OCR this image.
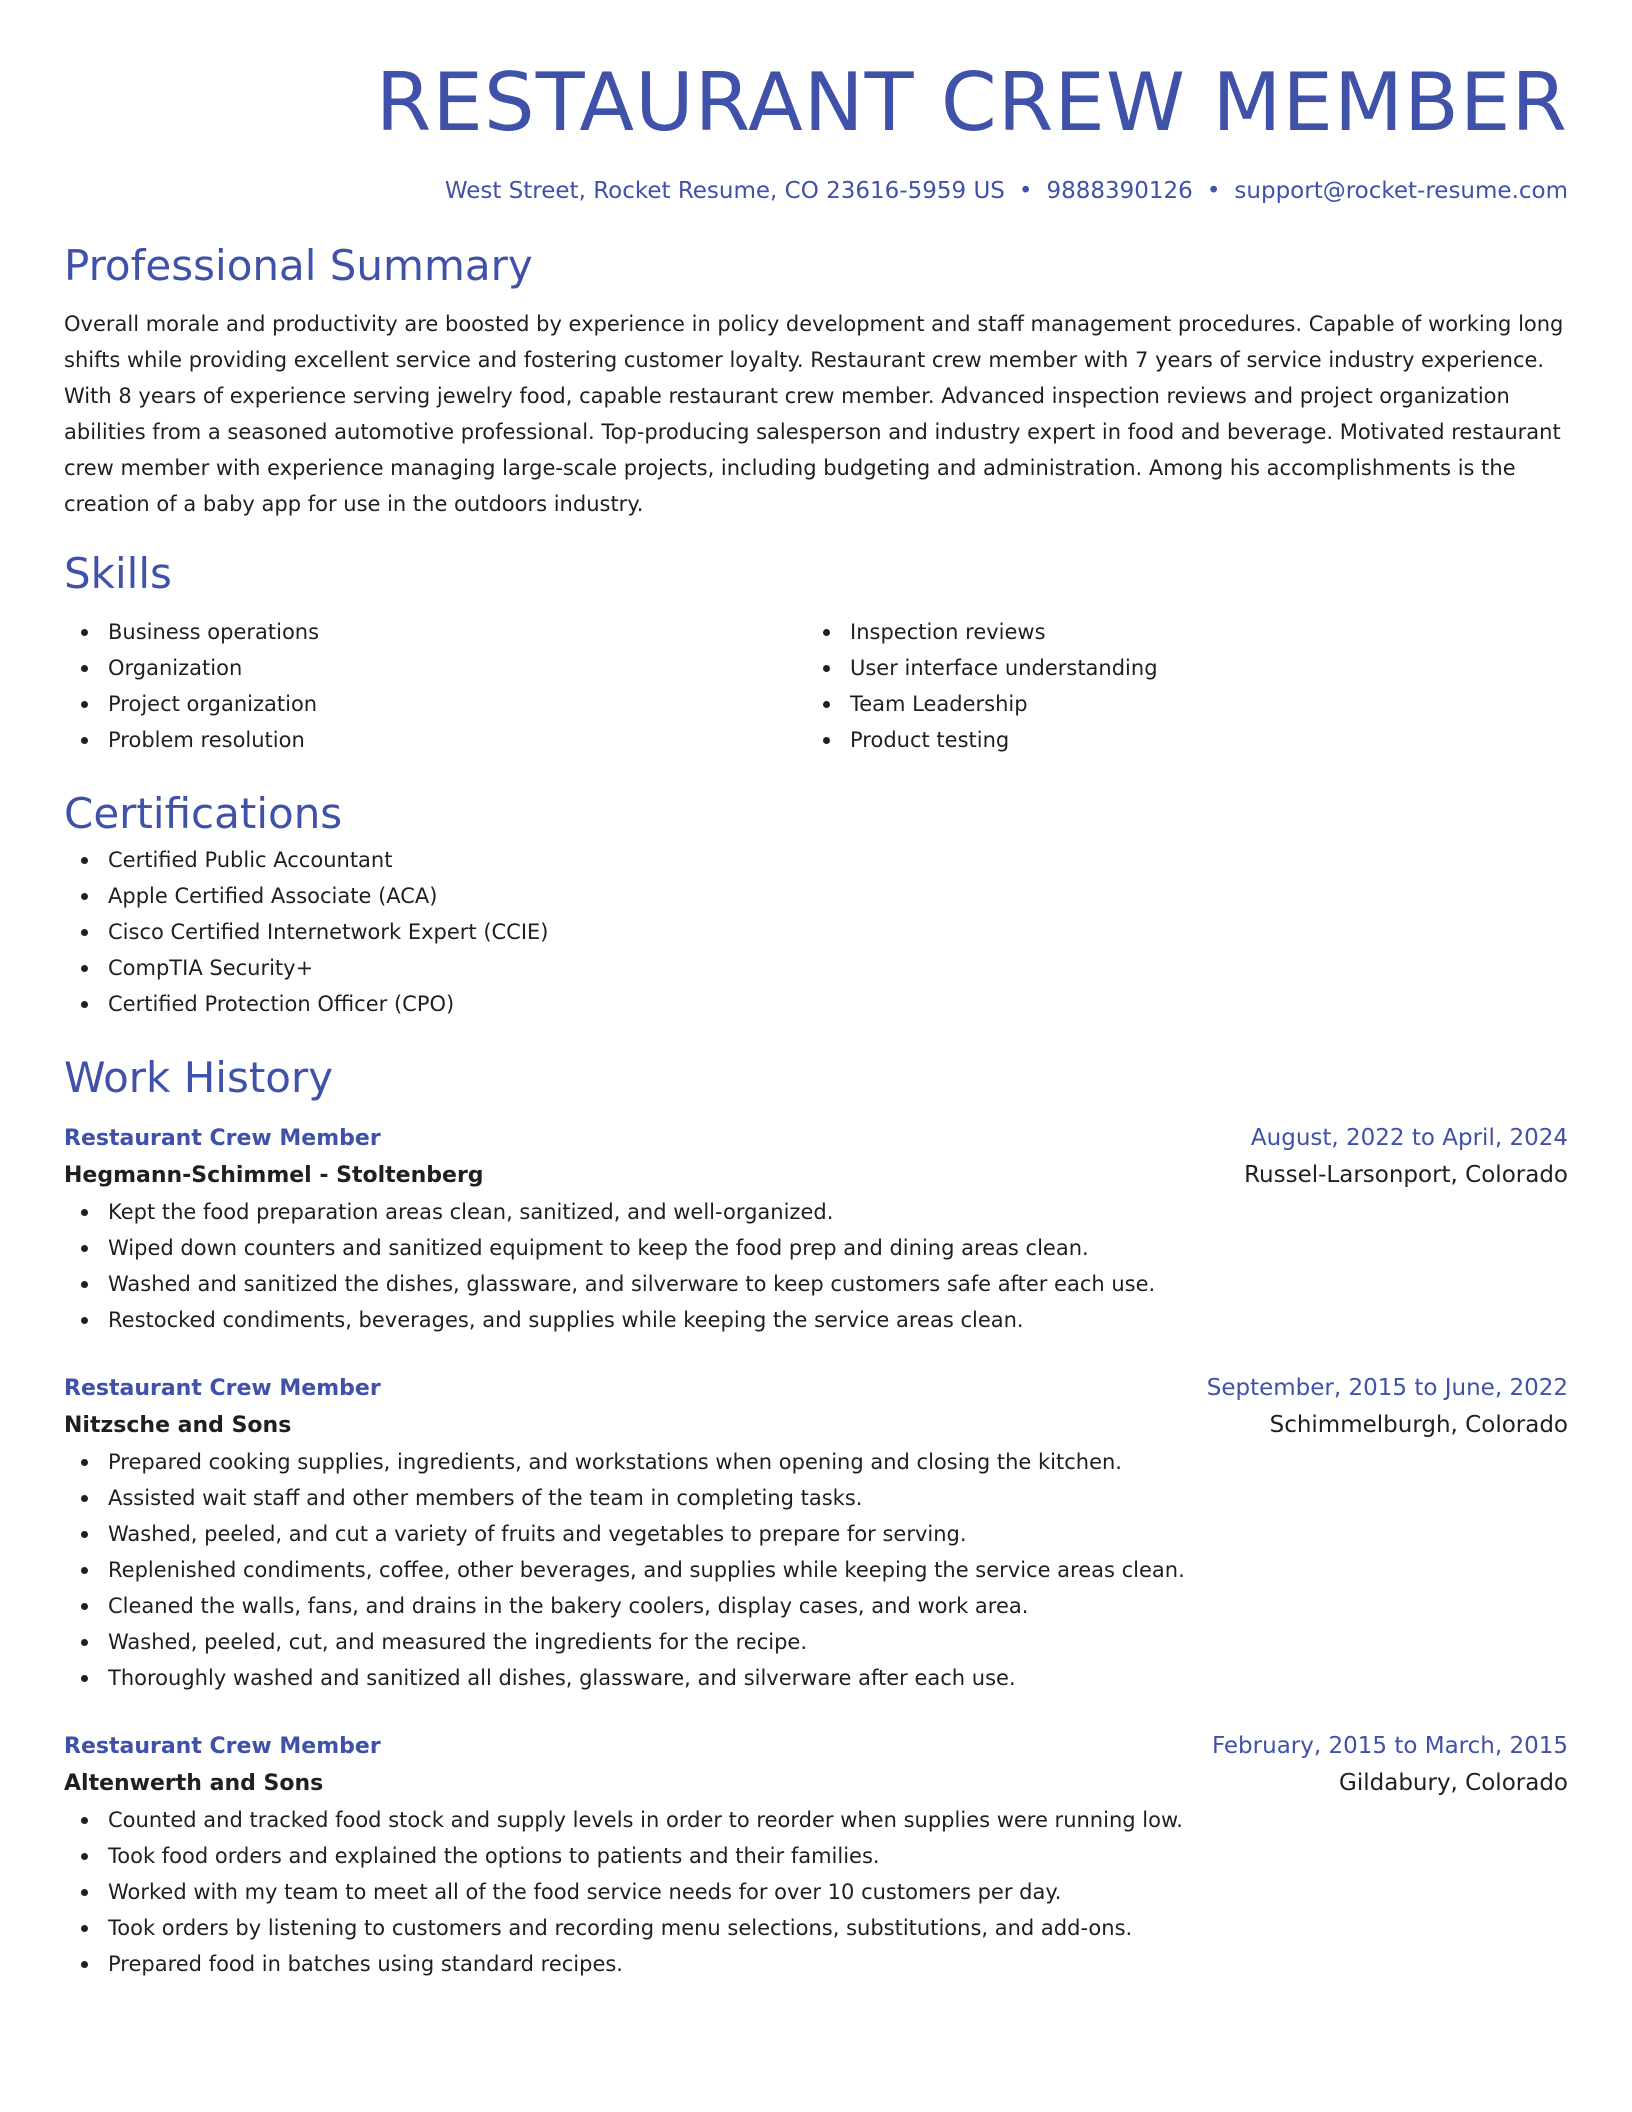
RESTAURANT CREW MEMBER
West Street, Rocket Resume, CO 23616-5959 US • 9888390126 • support@rocket-resume.com
Professional Summary
Overall morale and productivity are boosted by experience in policy development and staff management procedures. Capable of working long shifts while providing excellent service and fostering customer loyalty. Restaurant crew member with 7 years of service industry experience. With 8 years of experience serving jewelry food, capable restaurant crew member. Advanced inspection reviews and project organization abilities from a seasoned automotive professional. Top-producing salesperson and industry expert in food and beverage. Motivated restaurant crew member with experience managing large-scale projects, including budgeting and administration. Among his accomplishments is the creation of a baby app for use in the outdoors industry.
Skills
Business operations
Organization
Project organization
Problem resolution
Inspection reviews
User interface understanding
Team Leadership
Product testing
Certifications
Certified Public Accountant
Apple Certified Associate (ACA)
Cisco Certified Internetwork Expert (CCIE)
CompTIA Security+
Certified Protection Officer (CPO)
Work History
Restaurant Crew Member	August, 2022 to April, 2024
Hegmann-Schimmel - Stoltenberg	Russel-Larsonport, Colorado
Kept the food preparation areas clean, sanitized, and well-organized.
Wiped down counters and sanitized equipment to keep the food prep and dining areas clean.
Washed and sanitized the dishes, glassware, and silverware to keep customers safe after each use.
Restocked condiments, beverages, and supplies while keeping the service areas clean.
Restaurant Crew Member	September, 2015 to June, 2022
Nitzsche and Sons	Schimmelburgh, Colorado
Prepared cooking supplies, ingredients, and workstations when opening and closing the kitchen.
Assisted wait staff and other members of the team in completing tasks.
Washed, peeled, and cut a variety of fruits and vegetables to prepare for serving.
Replenished condiments, coffee, other beverages, and supplies while keeping the service areas clean.
Cleaned the walls, fans, and drains in the bakery coolers, display cases, and work area.
Washed, peeled, cut, and measured the ingredients for the recipe.
Thoroughly washed and sanitized all dishes, glassware, and silverware after each use.
Restaurant Crew Member	February, 2015 to March, 2015
Altenwerth and Sons	Gildabury, Colorado
Counted and tracked food stock and supply levels in order to reorder when supplies were running low.
Took food orders and explained the options to patients and their families.
Worked with my team to meet all of the food service needs for over 10 customers per day.
Took orders by listening to customers and recording menu selections, substitutions, and add-ons.
Prepared food in batches using standard recipes.
